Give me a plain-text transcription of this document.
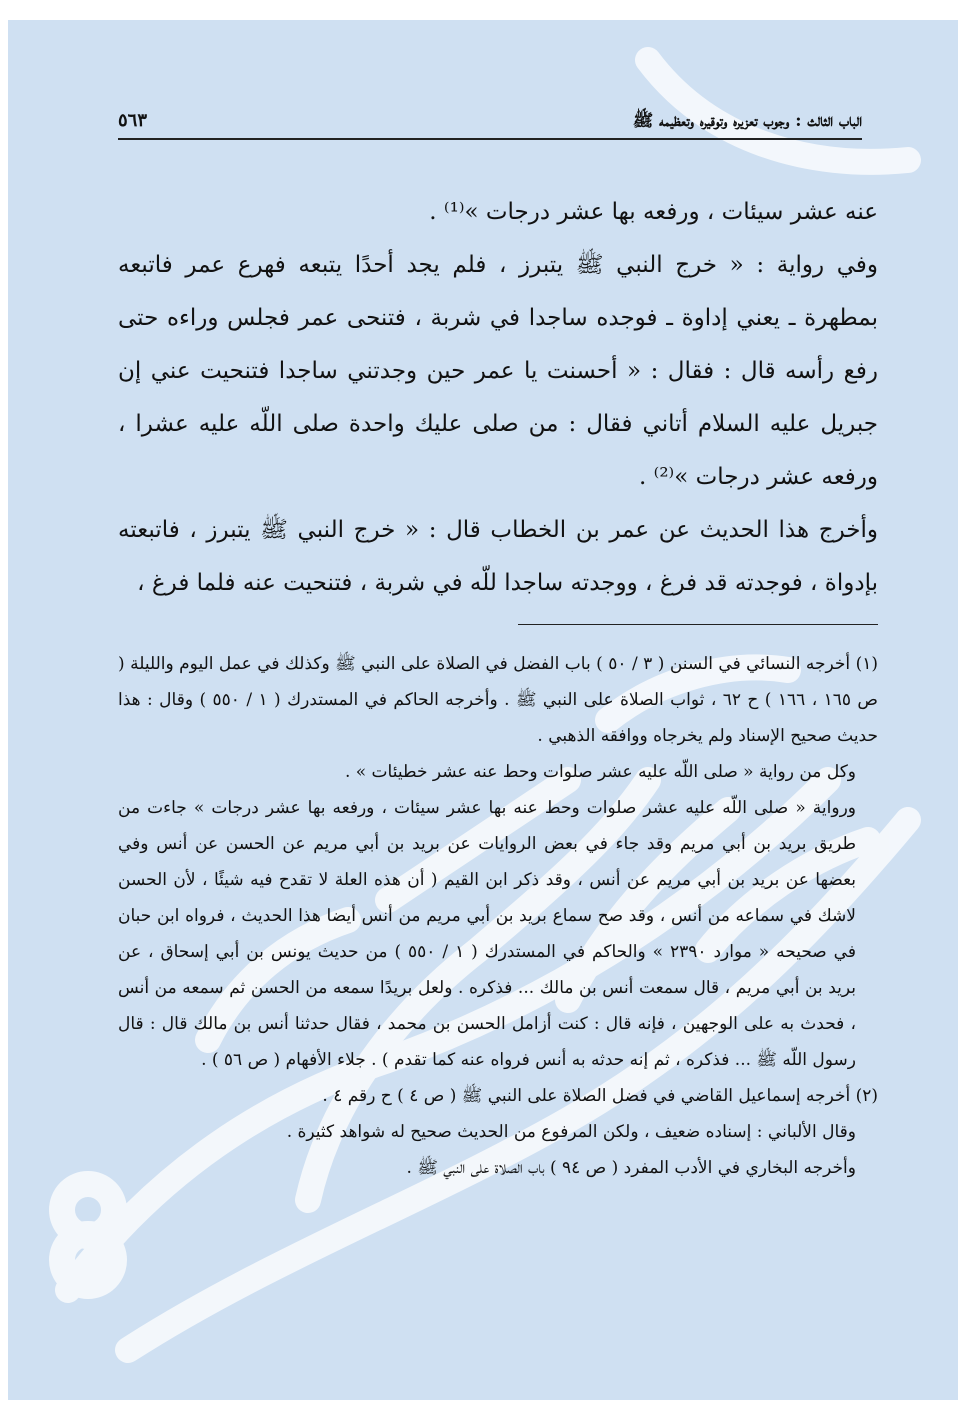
الباب الثالث : وجوب تعزيره وتوقيره وتعظيمه ﷺ
٥٦٣

عنه عشر سيئات ، ورفعه بها عشر درجات »⁽¹⁾ .

وفي رواية : « خرج النبي ﷺ يتبرز ، فلم يجد أحدًا يتبعه فهرع عمر فاتبعه بمطهرة ـ يعني إداوة ـ فوجده ساجدا في شربة ، فتنحى عمر فجلس وراءه حتى رفع رأسه قال : فقال : « أحسنت يا عمر حين وجدتني ساجدا فتنحيت عني إن جبريل عليه السلام أتاني فقال : من صلى عليك واحدة صلى اللّه عليه عشرا ، ورفعه عشر درجات »⁽²⁾ .

وأخرج هذا الحديث عن عمر بن الخطاب قال : « خرج النبي ﷺ يتبرز ، فاتبعته بإدواة ، فوجدته قد فرغ ، ووجدته ساجدا للّه في شربة ، فتنحيت عنه فلما فرغ ،

(١) أخرجه النسائي في السنن ( ٣ / ٥٠ ) باب الفضل في الصلاة على النبي ﷺ وكذلك في عمل اليوم والليلة ( ص ١٦٥ ، ١٦٦ ) ح ٦٢ ، ثواب الصلاة على النبي ﷺ . وأخرجه الحاكم في المستدرك ( ١ / ٥٥٠ ) وقال : هذا حديث صحيح الإسناد ولم يخرجاه ووافقه الذهبي .

وكل من رواية « صلى اللّه عليه عشر صلوات وحط عنه عشر خطيئات » .

ورواية « صلى اللّه عليه عشر صلوات وحط عنه بها عشر سيئات ، ورفعه بها عشر درجات » جاءت من طريق بريد بن أبي مريم وقد جاء في بعض الروايات عن بريد بن أبي مريم عن الحسن عن أنس وفي بعضها عن بريد بن أبي مريم عن أنس ، وقد ذكر ابن القيم ( أن هذه العلة لا تقدح فيه شيئًا ، لأن الحسن لاشك في سماعه من أنس ، وقد صح سماع بريد بن أبي مريم من أنس أيضا هذا الحديث ، فرواه ابن حبان في صحيحه « موارد ٢٣٩٠ » والحاكم في المستدرك ( ١ / ٥٥٠ ) من حديث يونس بن أبي إسحاق ، عن بريد بن أبي مريم ، قال سمعت أنس بن مالك ... فذكره . ولعل بريدًا سمعه من الحسن ثم سمعه من أنس ، فحدث به على الوجهين ، فإنه قال : كنت أزامل الحسن بن محمد ، فقال حدثنا أنس بن مالك قال : قال رسول اللّه ﷺ ... فذكره ، ثم إنه حدثه به أنس فرواه عنه كما تقدم ) . جلاء الأفهام ( ص ٥٦ ) .

(٢) أخرجه إسماعيل القاضي في فضل الصلاة على النبي ﷺ ( ص ٤ ) ح رقم ٤ .

وقال الألباني : إسناده ضعيف ، ولكن المرفوع من الحديث صحيح له شواهد كثيرة .

وأخرجه البخاري في الأدب المفرد ( ص ٩٤ ) باب الصلاة على النبي ﷺ .
